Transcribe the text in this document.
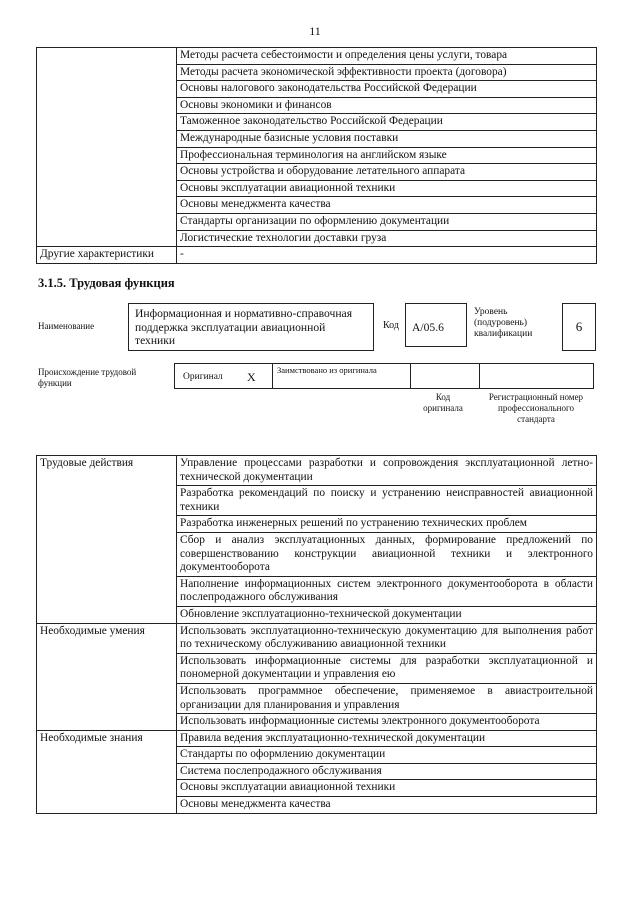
11
	Методы расчета себестоимости и определения цены услуги, товара
	Методы расчета экономической эффективности проекта (договора)
	Основы налогового законодательства Российской Федерации
	Основы экономики и финансов
	Таможенное законодательство Российской Федерации
	Международные базисные условия поставки
	Профессиональная терминология на английском языке
	Основы устройства и оборудование летательного аппарата
	Основы эксплуатации авиационной техники
	Основы менеджмента качества
	Стандарты организации по оформлению документации
	Логистические технологии доставки груза
Другие характеристики	-
3.1.5. Трудовая функция
Наименование
Информационная и нормативно-справочная поддержка эксплуатации авиационной техники
Код	A/05.6
Уровень (подуровень) квалификации	6
Происхождение трудовой функции
Оригинал X	Заимствовано из оригинала
Код оригинала
Регистрационный номер профессионального стандарта
Трудовые действия	Управление процессами разработки и сопровождения эксплуатационной летно-технической документации
	Разработка рекомендаций по поиску и устранению неисправностей авиационной техники
	Разработка инженерных решений по устранению технических проблем
	Сбор и анализ эксплуатационных данных, формирование предложений по совершенствованию конструкции авиационной техники и электронного документооборота
	Наполнение информационных систем электронного документооборота в области послепродажного обслуживания
	Обновление эксплуатационно-технической документации
Необходимые умения	Использовать эксплуатационно-техническую документацию для выполнения работ по техническому обслуживанию авиационной техники
	Использовать информационные системы для разработки эксплуатационной и пономерной документации и управления ею
	Использовать программное обеспечение, применяемое в авиастроительной организации для планирования и управления
	Использовать информационные системы электронного документооборота
Необходимые знания	Правила ведения эксплуатационно-технической документации
	Стандарты по оформлению документации
	Система послепродажного обслуживания
	Основы эксплуатации авиационной техники
	Основы менеджмента качества
